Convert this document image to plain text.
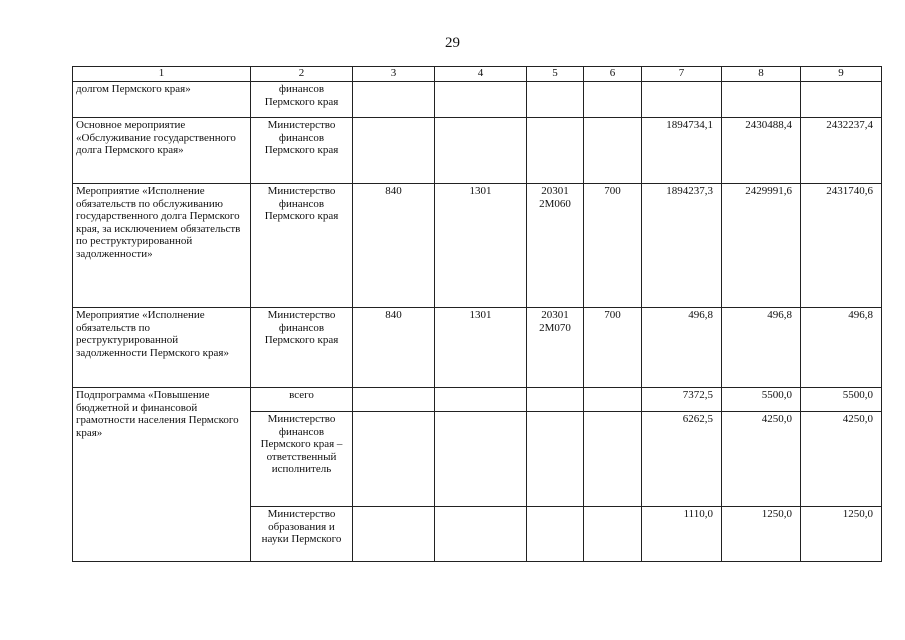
29
1	2	3	4	5	6	7	8	9
долгом Пермского края»	финансов Пермского края							
Основное мероприятие «Обслуживание государственного долга Пермского края»	Министерство финансов Пермского края					1894734,1	2430488,4	2432237,4
Мероприятие «Исполнение обязательств по обслуживанию государственного долга Пермского края, за исключением обязательств по реструктурированной задолженности»	Министерство финансов Пермского края	840	1301	20301 2М060	700	1894237,3	2429991,6	2431740,6
Мероприятие «Исполнение обязательств по реструктурированной задолженности Пермского края»	Министерство финансов Пермского края	840	1301	20301 2М070	700	496,8	496,8	496,8
Подпрограмма «Повышение бюджетной и финансовой грамотности населения Пермского края»	всего					7372,5	5500,0	5500,0
	Министерство финансов Пермского края – ответственный исполнитель					6262,5	4250,0	4250,0
	Министерство образования и науки Пермского					1110,0	1250,0	1250,0
